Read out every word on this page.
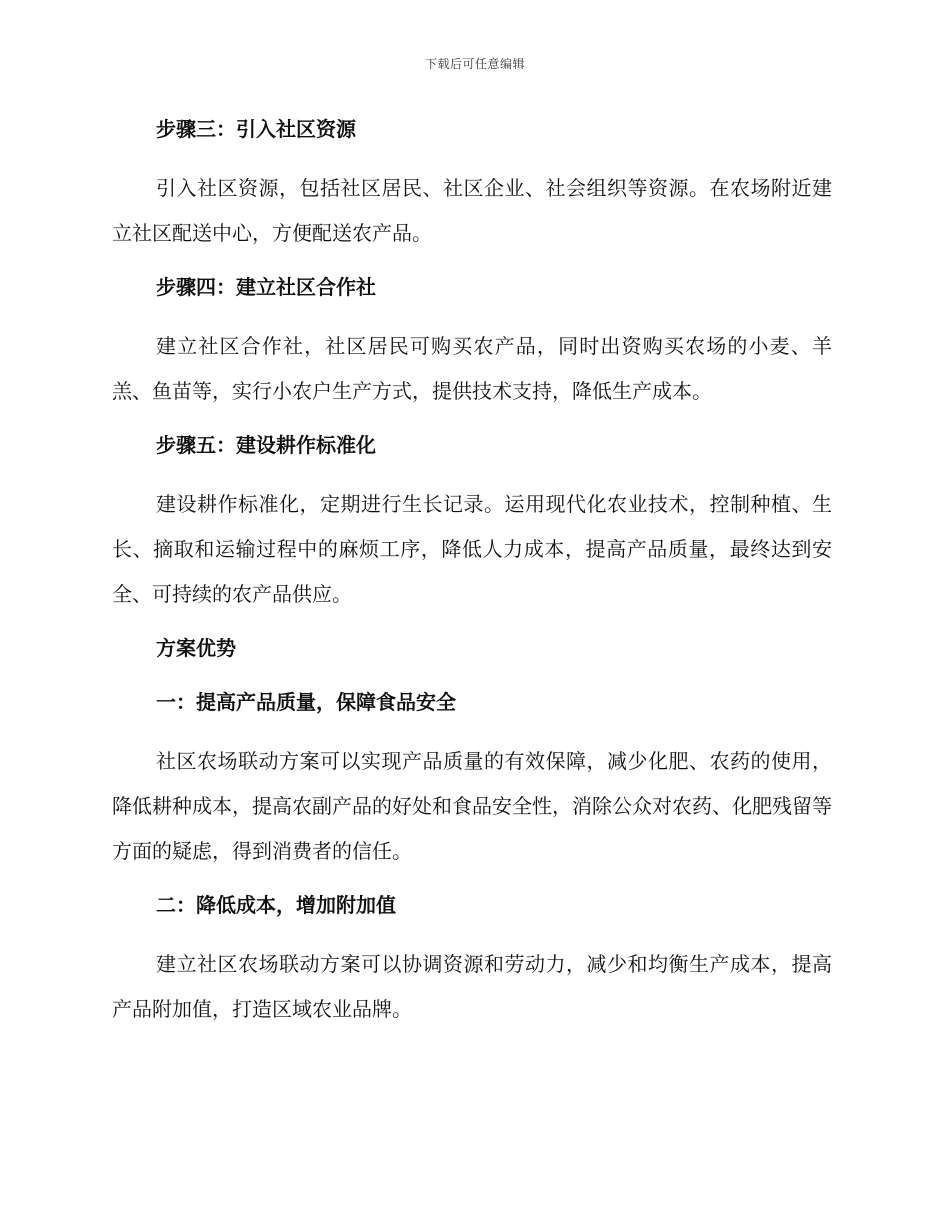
下载后可任意编辑
步骤三：引入社区资源

引入社区资源，包括社区居民、社区企业、社会组织等资源。在农场附近建立社区配送中心，方便配送农产品。

步骤四：建立社区合作社

建立社区合作社，社区居民可购买农产品，同时出资购买农场的小麦、羊羔、鱼苗等，实行小农户生产方式，提供技术支持，降低生产成本。

步骤五：建设耕作标准化

建设耕作标准化，定期进行生长记录。运用现代化农业技术，控制种植、生长、摘取和运输过程中的麻烦工序，降低人力成本，提高产品质量，最终达到安全、可持续的农产品供应。

方案优势
一：提高产品质量，保障食品安全

社区农场联动方案可以实现产品质量的有效保障，减少化肥、农药的使用，降低耕种成本，提高农副产品的好处和食品安全性，消除公众对农药、化肥残留等方面的疑虑，得到消费者的信任。

二：降低成本，增加附加值

建立社区农场联动方案可以协调资源和劳动力，减少和均衡生产成本，提高产品附加值，打造区域农业品牌。
